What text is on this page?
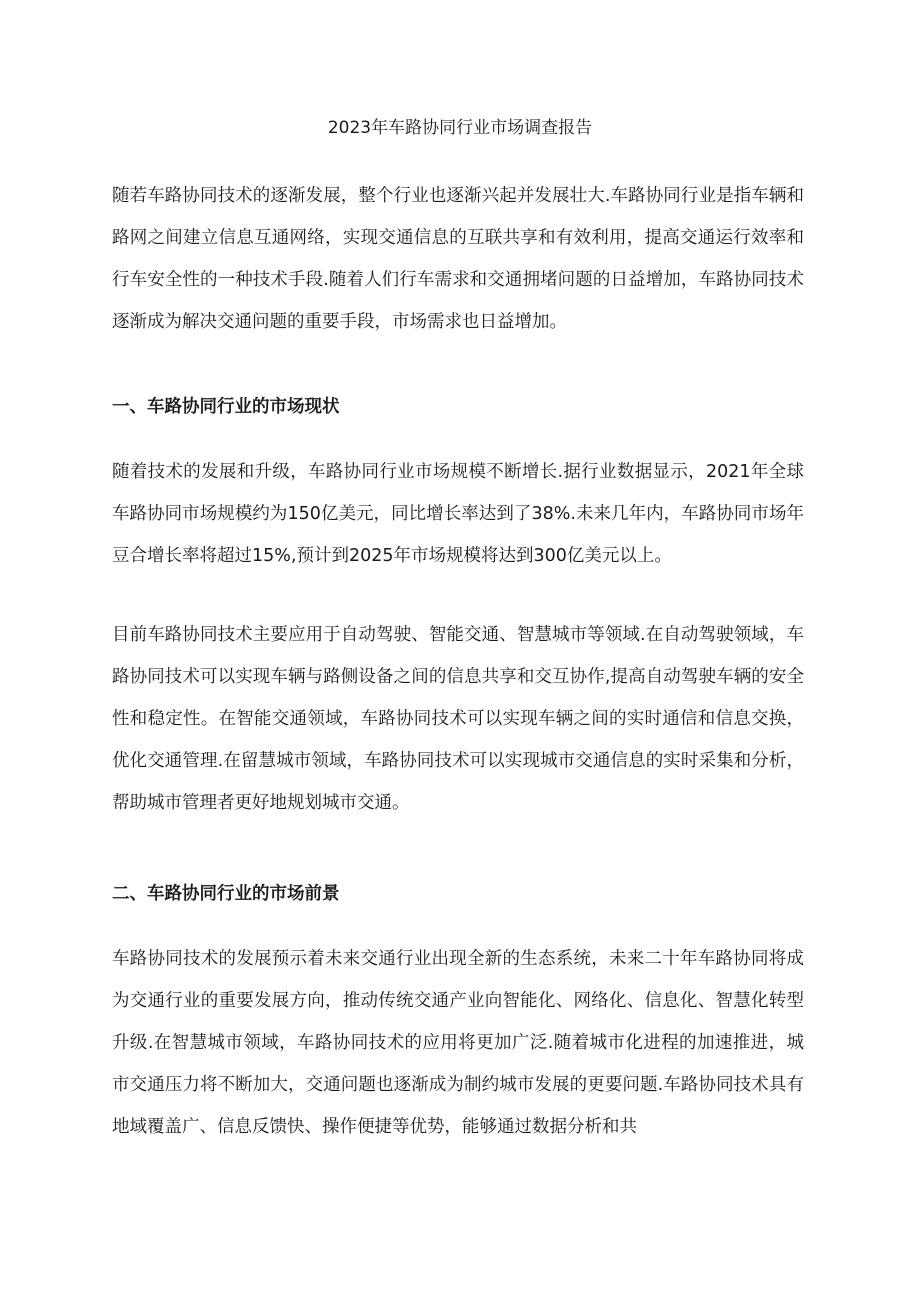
2023年车路协同行业市场调查报告

随若车路协同技术的逐渐发展，整个行业也逐渐兴起并发展壮大.车路协同行业是指车辆和路网之间建立信息互通网络，实现交通信息的互联共享和有效利用，提高交通运行效率和行车安全性的一种技术手段.随着人们行车需求和交通拥堵问题的日益增加，车路协同技术逐渐成为解决交通问题的重要手段，市场需求也日益增加。

一、车路协同行业的市场现状

随着技术的发展和升级，车路协同行业市场规模不断增长.据行业数据显示，2021年全球车路协同市场规模约为150亿美元，同比增长率达到了38%.未来几年内，车路协同市场年豆合增长率将超过15%,预计到2025年市场规模将达到300亿美元以上。

目前车路协同技术主要应用于自动驾驶、智能交通、智慧城市等领域.在自动驾驶领域，车路协同技术可以实现车辆与路侧设备之间的信息共享和交互协作,提高自动驾驶车辆的安全性和稳定性。在智能交通领域，车路协同技术可以实现车辆之间的实时通信和信息交换，优化交通管理.在留慧城市领域，车路协同技术可以实现城市交通信息的实时采集和分析，帮助城市管理者更好地规划城市交通。

二、车路协同行业的市场前景

车路协同技术的发展预示着未来交通行业出现全新的生态系统，未来二十年车路协同将成为交通行业的重要发展方向，推动传统交通产业向智能化、网络化、信息化、智慧化转型升级.在智慧城市领域，车路协同技术的应用将更加广泛.随着城市化进程的加速推进，城市交通压力将不断加大，交通问题也逐渐成为制约城市发展的更要问题.车路协同技术具有地域覆盖广、信息反馈快、操作便捷等优势，能够通过数据分析和共
